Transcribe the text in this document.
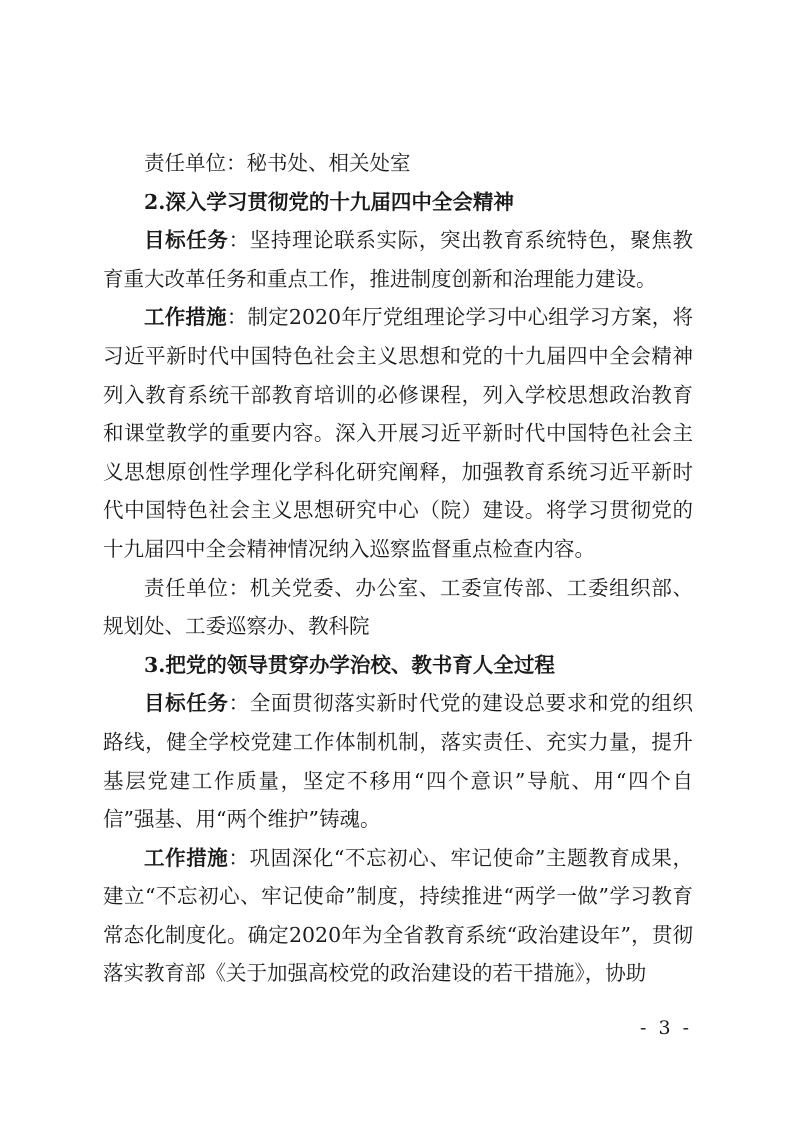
责任单位：秘书处、相关处室

2.深入学习贯彻党的十九届四中全会精神

目标任务：坚持理论联系实际，突出教育系统特色，聚焦教育重大改革任务和重点工作，推进制度创新和治理能力建设。

工作措施：制定2020年厅党组理论学习中心组学习方案，将习近平新时代中国特色社会主义思想和党的十九届四中全会精神列入教育系统干部教育培训的必修课程，列入学校思想政治教育和课堂教学的重要内容。深入开展习近平新时代中国特色社会主义思想原创性学理化学科化研究阐释，加强教育系统习近平新时代中国特色社会主义思想研究中心（院）建设。将学习贯彻党的十九届四中全会精神情况纳入巡察监督重点检查内容。

责任单位：机关党委、办公室、工委宣传部、工委组织部、规划处、工委巡察办、教科院

3.把党的领导贯穿办学治校、教书育人全过程

目标任务：全面贯彻落实新时代党的建设总要求和党的组织路线，健全学校党建工作体制机制，落实责任、充实力量，提升基层党建工作质量，坚定不移用“四个意识”导航、用“四个自信”强基、用“两个维护”铸魂。

工作措施：巩固深化“不忘初心、牢记使命”主题教育成果，建立“不忘初心、牢记使命”制度，持续推进“两学一做”学习教育常态化制度化。确定2020年为全省教育系统“政治建设年”，贯彻落实教育部《关于加强高校党的政治建设的若干措施》，协助

- 3 -
